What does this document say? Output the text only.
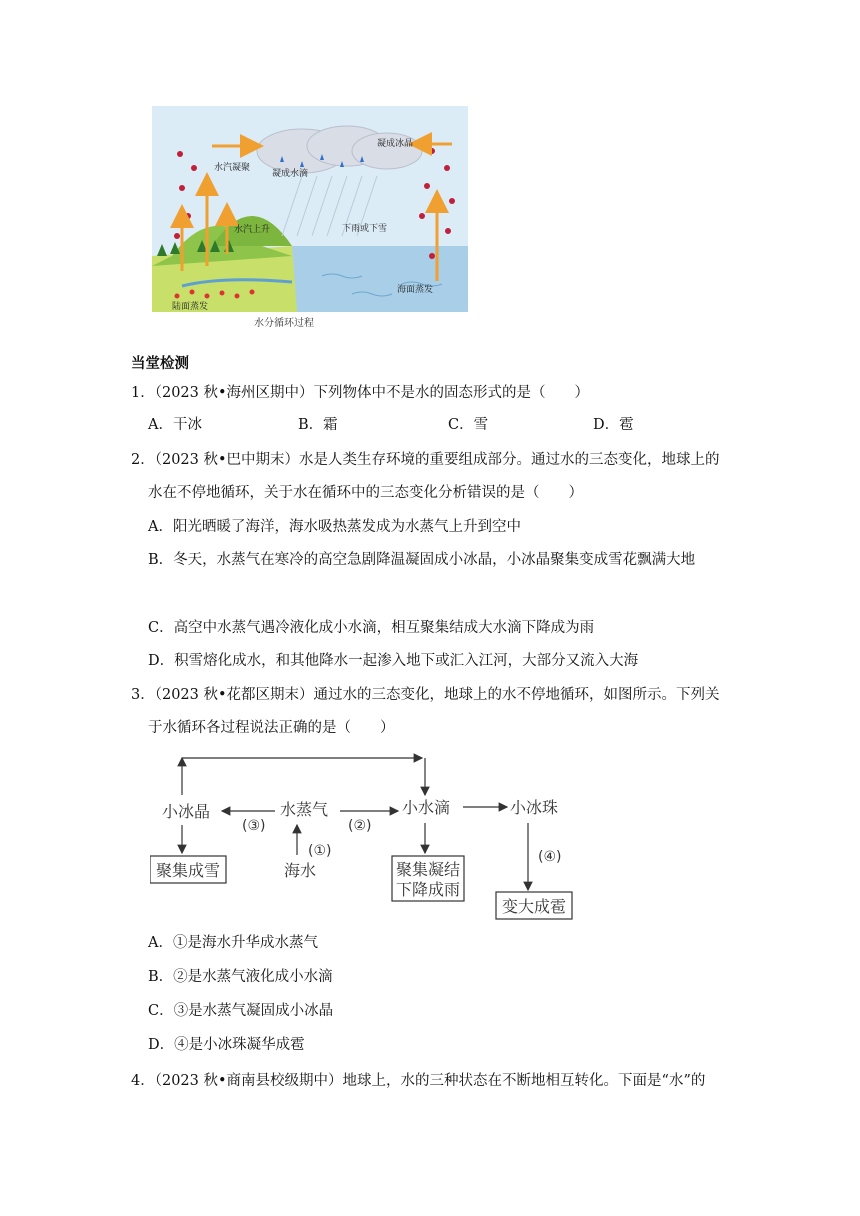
水汽凝聚
凝成冰晶
凝成水滴
水汽上升	下雨或下雪
海面蒸发
陆面蒸发
水分循环过程
当堂检测
1．（2023 秋•海州区期中）下列物体中不是水的固态形式的是（　　）
A．干冰	B．霜	C．雪	D．雹
2．（2023 秋•巴中期末）水是人类生存环境的重要组成部分。通过水的三态变化，地球上的
水在不停地循环，关于水在循环中的三态变化分析错误的是（　　）
A．阳光晒暖了海洋，海水吸热蒸发成为水蒸气上升到空中
B．冬天，水蒸气在寒冷的高空急剧降温凝固成小冰晶，小冰晶聚集变成雪花飘满大地
C．高空中水蒸气遇冷液化成小水滴，相互聚集结成大水滴下降成为雨
D．积雪熔化成水，和其他降水一起渗入地下或汇入江河，大部分又流入大海
3．（2023 秋•花都区期末）通过水的三态变化，地球上的水不停地循环，如图所示。下列关
于水循环各过程说法正确的是（　　）
小冰晶	水蒸气	小水滴	小冰珠
海水
(③)	(②)
(①)	(④)
聚集成雪	聚集凝结
下降成雨
变大成雹
A．①是海水升华成水蒸气
B．②是水蒸气液化成小水滴
C．③是水蒸气凝固成小冰晶
D．④是小冰珠凝华成雹
4．（2023 秋•商南县校级期中）地球上，水的三种状态在不断地相互转化。下面是“水”的
